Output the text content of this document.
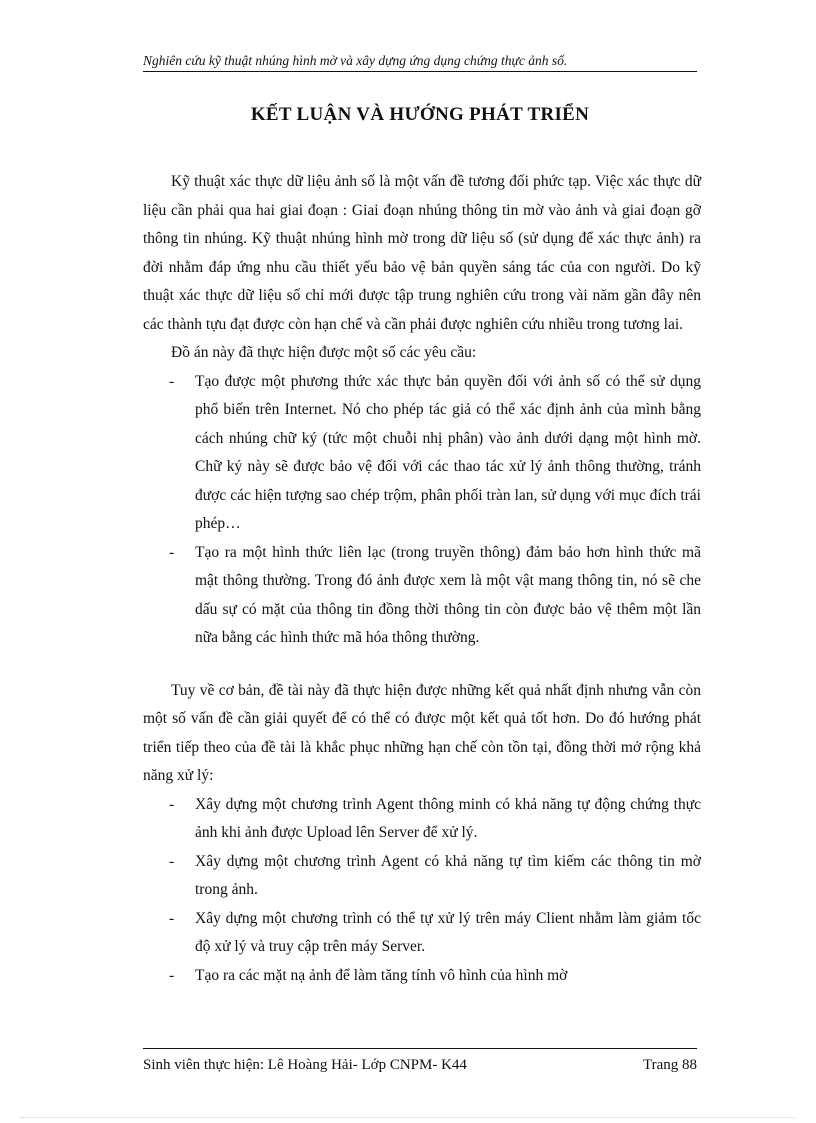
Nghiên cứu kỹ thuật nhúng hình mờ và xây dựng ứng dụng chứng thực ảnh số.
KẾT LUẬN VÀ HƯỚNG PHÁT TRIỂN

Kỹ thuật xác thực dữ liệu ảnh số là một vấn đề tương đối phức tạp. Việc xác thực dữ liệu cần phải qua hai giai đoạn : Giai đoạn nhúng thông tin mờ vào ảnh và giai đoạn gỡ thông tin nhúng. Kỹ thuật nhúng hình mờ trong dữ liệu số (sử dụng để xác thực ảnh) ra đời nhằm đáp ứng nhu cầu thiết yếu bảo vệ bản quyền sáng tác của con người. Do kỹ thuật xác thực dữ liệu số chỉ mới được tập trung nghiên cứu trong vài năm gần đây nên các thành tựu đạt được còn hạn chế và cần phải được nghiên cứu nhiều trong tương lai.

Đồ án này đã thực hiện được một số các yêu cầu:

- Tạo được một phương thức xác thực bản quyền đối với ảnh số có thể sử dụng phổ biến trên Internet. Nó cho phép tác giả có thể xác định ảnh của mình bằng cách nhúng chữ ký (tức một chuỗi nhị phân) vào ảnh dưới dạng một hình mờ. Chữ ký này sẽ được bảo vệ đối với các thao tác xử lý ảnh thông thường, tránh được các hiện tượng sao chép trộm, phân phối tràn lan, sử dụng với mục đích trái phép…
- Tạo ra một hình thức liên lạc (trong truyền thông) đảm bảo hơn hình thức mã mật thông thường. Trong đó ảnh được xem là một vật mang thông tin, nó sẽ che dấu sự có mặt của thông tin đồng thời thông tin còn được bảo vệ thêm một lần nữa bằng các hình thức mã hóa thông thường.

Tuy về cơ bản, đề tài này đã thực hiện được những kết quả nhất định nhưng vẫn còn một số vấn đề cần giải quyết để có thể có được một kết quả tốt hơn. Do đó hướng phát triển tiếp theo của đề tài là khắc phục những hạn chế còn tồn tại, đồng thời mở rộng khả năng xử lý:

- Xây dựng một chương trình Agent thông minh có khả năng tự động chứng thực ảnh khi ảnh được Upload lên Server để xử lý.
- Xây dựng một chương trình Agent có khả năng tự tìm kiếm các thông tin mờ trong ảnh.
- Xây dựng một chương trình có thể tự xử lý trên máy Client nhằm làm giảm tốc độ xử lý và truy cập trên máy Server.
- Tạo ra các mặt nạ ảnh để làm tăng tính vô hình của hình mờ
Sinh viên thực hiện: Lê Hoàng Hải- Lớp CNPM- K44	Trang 88
